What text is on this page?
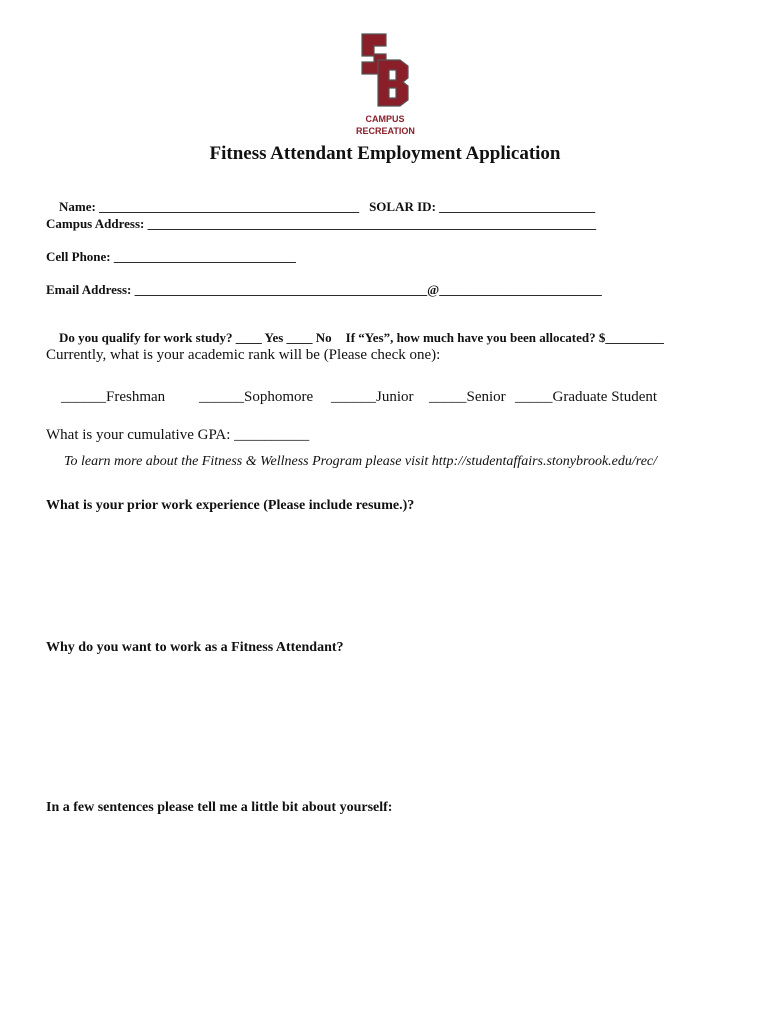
CAMPUS
RECREATION
Fitness Attendant Employment Application

Name: ________________________________________ SOLAR ID: ________________________

Campus Address: _____________________________________________________________________
Cell Phone: ____________________________
Email Address: _____________________________________________@_________________________

Do you qualify for work study? ____ Yes ____ No If “Yes”, how much have you been allocated? $_________

Currently, what is your academic rank will be (Please check one):

______Freshman ______Sophomore ______Junior _____Senior _____Graduate Student

What is your cumulative GPA: __________
To learn more about the Fitness & Wellness Program please visit http://studentaffairs.stonybrook.edu/rec/
What is your prior work experience (Please include resume.)?
Why do you want to work as a Fitness Attendant?
In a few sentences please tell me a little bit about yourself:
